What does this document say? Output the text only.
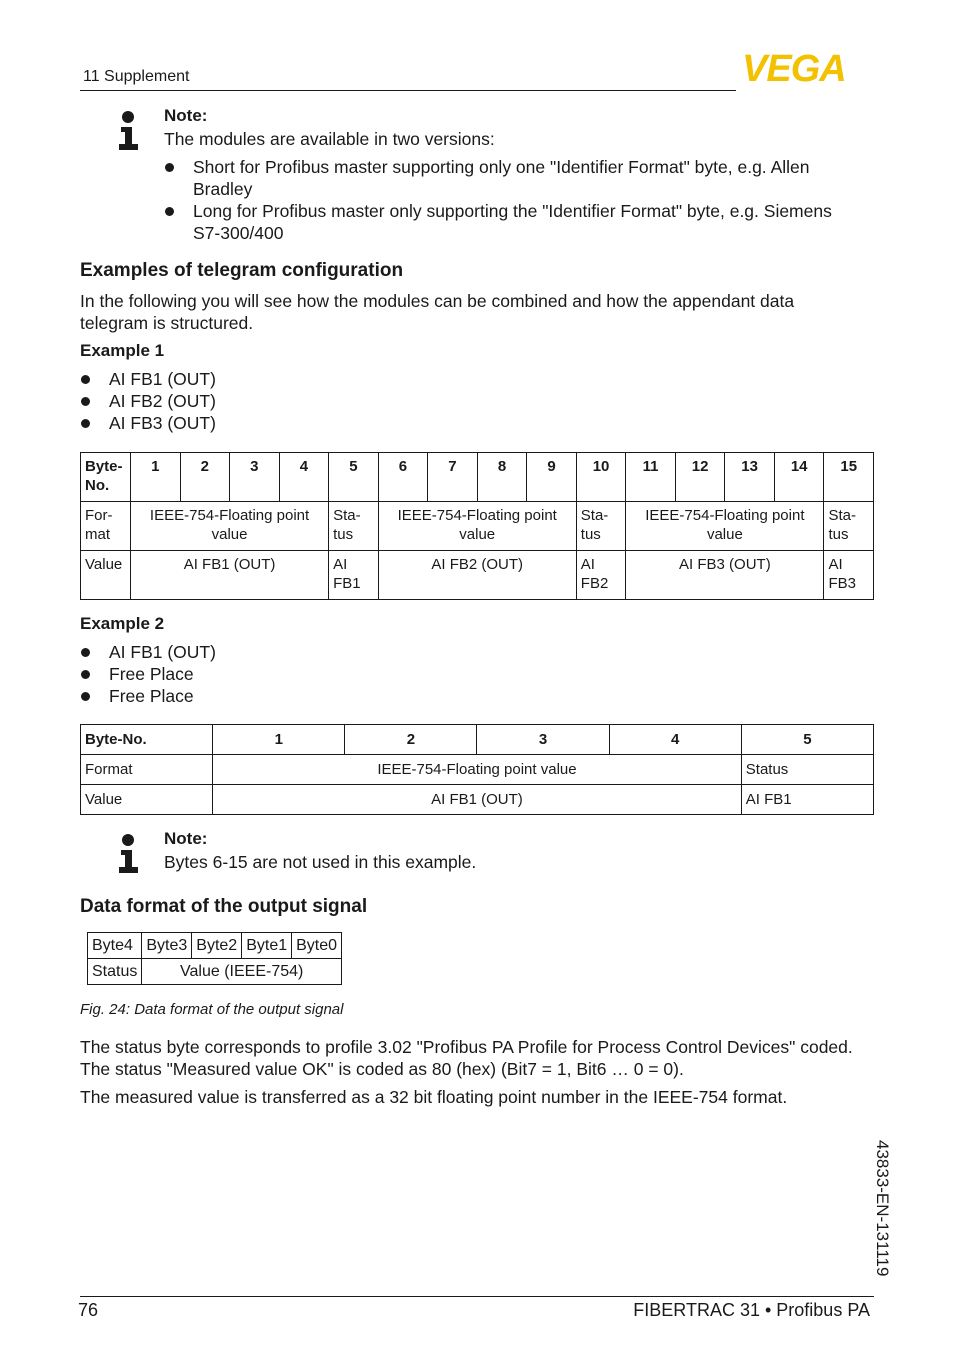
11 Supplement	VEGA
Note:
The modules are available in two versions:
Short for Profibus master supporting only one "Identifier Format" byte, e.g. Allen Bradley
Long for Profibus master only supporting the "Identifier Format" byte, e.g. Siemens S7-300/400
Examples of telegram configuration
In the following you will see how the modules can be combined and how the appendant data telegram is structured.
Example 1
AI FB1 (OUT)
AI FB2 (OUT)
AI FB3 (OUT)
Byte-No.	1	2	3	4	5	6	7	8	9	10	11	12	13	14	15
For-mat	IEEE-754-Floating point value				Sta-tus	IEEE-754-Floating point value				Sta-tus	IEEE-754-Floating point value				Sta-tus
Value	AI FB1 (OUT)				AI FB1	AI FB2 (OUT)				AI FB2	AI FB3 (OUT)				AI FB3
Example 2
AI FB1 (OUT)
Free Place
Free Place
Byte-No.	1	2	3	4	5
Format	IEEE-754-Floating point value				Status
Value	AI FB1 (OUT)				AI FB1
Note:
Bytes 6-15 are not used in this example.
Data format of the output signal
Byte4	Byte3	Byte2	Byte1	Byte0
Status	Value (IEEE-754)			
Fig. 24: Data format of the output signal
The status byte corresponds to profile 3.02 "Profibus PA Profile for Process Control Devices" coded. The status "Measured value OK" is coded as 80 (hex) (Bit7 = 1, Bit6 … 0 = 0).
The measured value is transferred as a 32 bit floating point number in the IEEE-754 format.
43833-EN-131119
76	FIBERTRAC 31 • Profibus PA
